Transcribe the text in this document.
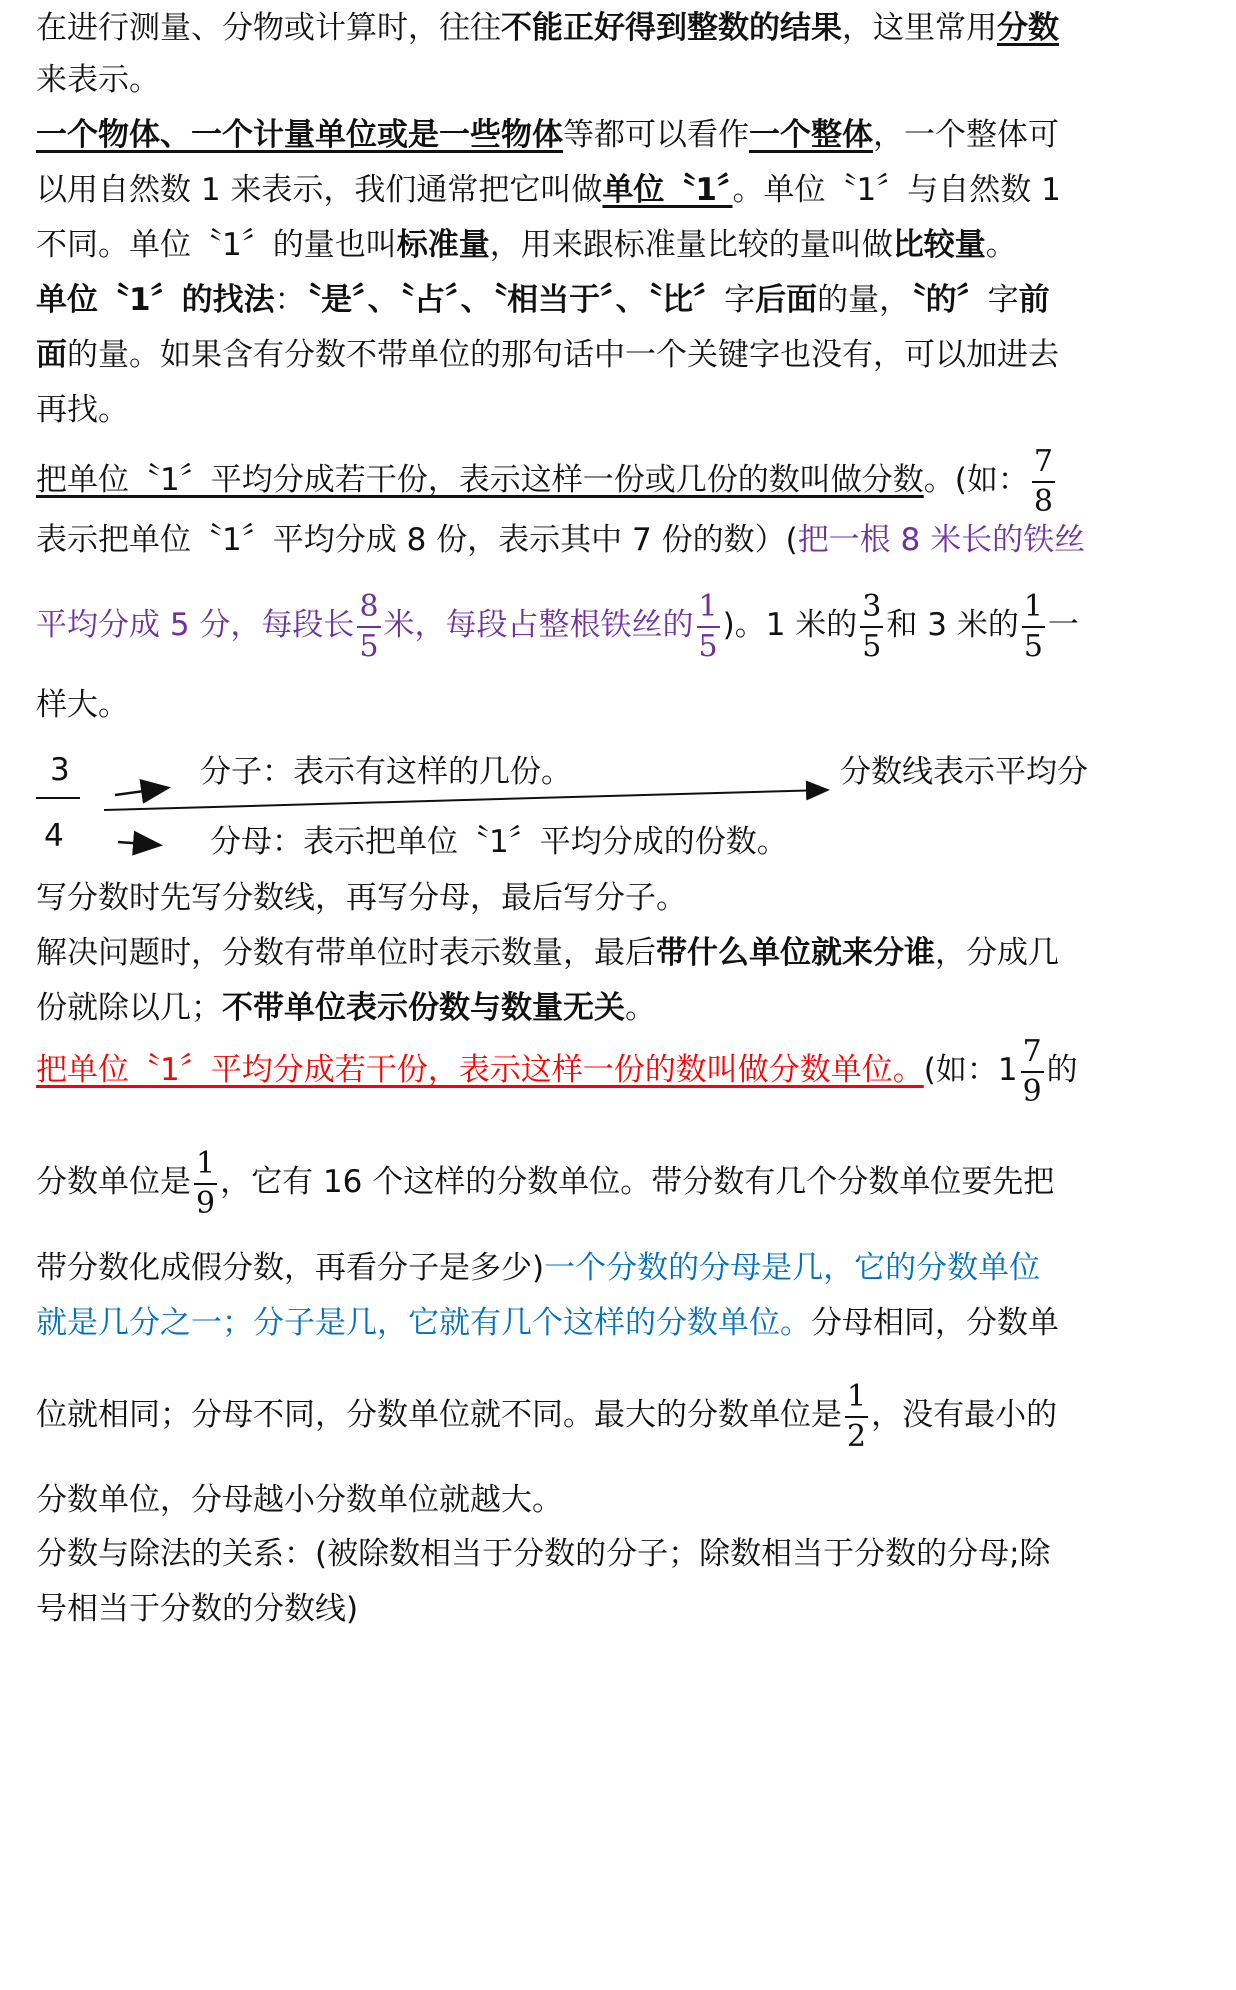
在进行测量、分物或计算时，往往不能正好得到整数的结果，这里常用分数
来表示。
一个物体、一个计量单位或是一些物体等都可以看作一个整体，一个整体可
以用自然数 1 来表示，我们通常把它叫做单位〝1〞。单位〝1〞与自然数 1
不同。单位〝1〞的量也叫标准量，用来跟标准量比较的量叫做比较量。
单位〝1〞的找法：〝是〞、〝占〞、〝相当于〞、〝比〞字后面的量，〝的〞字前
面的量。如果含有分数不带单位的那句话中一个关键字也没有，可以加进去
再找。
把单位〝1〞平均分成若干份，表示这样一份或几份的数叫做分数。(如： $\frac{7}{8}$
表示把单位〝1〞平均分成 8 份，表示其中 7 份的数）(把一根 8 米长的铁丝
平均分成 5 分，每段长 $\frac{8}{5}$ 米，每段占整根铁丝的 $\frac{1}{5}$ )。1 米的 $\frac{3}{5}$ 和 3 米的 $\frac{1}{5}$ 一
样大。
3
4
分子：表示有这样的几份。	分数线表示平均分
分母：表示把单位〝1〞平均分成的份数。
写分数时先写分数线，再写分母，最后写分子。
解决问题时，分数有带单位时表示数量，最后带什么单位就来分谁，分成几
份就除以几；不带单位表示份数与数量无关。
把单位〝1〞平均分成若干份，表示这样一份的数叫做分数单位。(如：$1 \frac{7}{9}$ 的
分数单位是 $\frac{1}{9}$ ，它有 16 个这样的分数单位。带分数有几个分数单位要先把
带分数化成假分数，再看分子是多少)一个分数的分母是几，它的分数单位
就是几分之一；分子是几，它就有几个这样的分数单位。分母相同，分数单
位就相同；分母不同，分数单位就不同。最大的分数单位是 $\frac{1}{2}$ ，没有最小的
分数单位，分母越小分数单位就越大。
分数与除法的关系：(被除数相当于分数的分子；除数相当于分数的分母;除
号相当于分数的分数线)
